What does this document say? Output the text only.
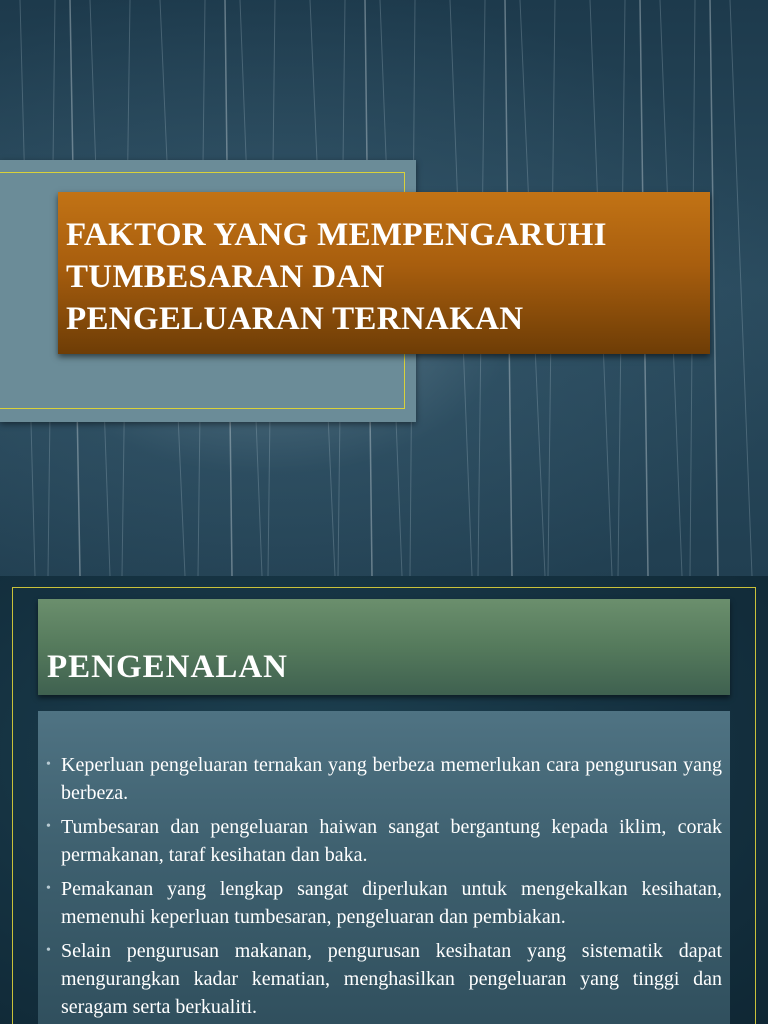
FAKTOR YANG MEMPENGARUHI
TUMBESARAN DAN
PENGELUARAN TERNAKAN
PENGENALAN
• Keperluan pengeluaran ternakan yang berbeza memerlukan cara pengurusan yang berbeza.
• Tumbesaran dan pengeluaran haiwan sangat bergantung kepada iklim, corak permakanan, taraf kesihatan dan baka.
• Pemakanan yang lengkap sangat diperlukan untuk mengekalkan kesihatan, memenuhi keperluan tumbesaran, pengeluaran dan pembiakan.
• Selain pengurusan makanan, pengurusan kesihatan yang sistematik dapat mengurangkan kadar kematian, menghasilkan pengeluaran yang tinggi dan seragam serta berkualiti.
